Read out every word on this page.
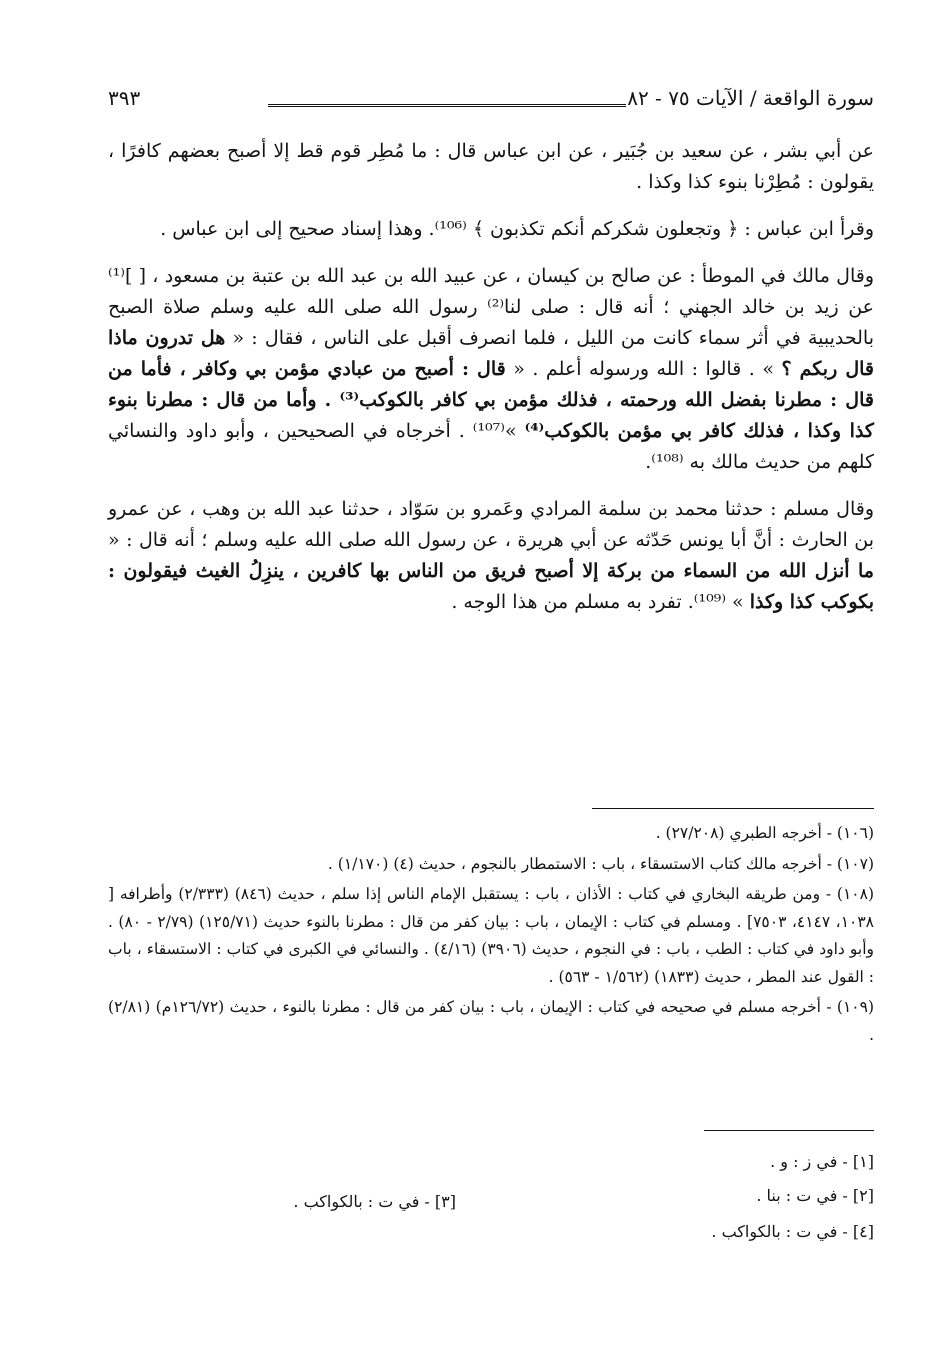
سورة الواقعة / الآيات ٧٥ - ٨٢
٣٩٣

عن أبي بشر ، عن سعيد بن جُبَير ، عن ابن عباس قال : ما مُطِر قوم قط إلا أصبح بعضهم كافرًا ، يقولون : مُطِرْنا بنوء كذا وكذا .

وقرأ ابن عباس : ﴿ وتجعلون شكركم أنكم تكذبون ﴾ ⁽¹⁰⁶⁾. وهذا إسناد صحيح إلى ابن عباس .

وقال مالك في الموطأ : عن صالح بن كيسان ، عن عبيد الله بن عبد الله بن عتبة بن مسعود ، [ ]⁽¹⁾ عن زيد بن خالد الجهني ؛ أنه قال : صلى لنا⁽²⁾ رسول الله صلى الله عليه وسلم صلاة الصبح بالحديبية في أثر سماء كانت من الليل ، فلما انصرف أقبل على الناس ، فقال : « هل تدرون ماذا قال ربكم ؟ » . قالوا : الله ورسوله أعلم . « قال : أصبح من عبادي مؤمن بي وكافر ، فأما من قال : مطرنا بفضل الله ورحمته ، فذلك مؤمن بي كافر بالكوكب⁽³⁾ . وأما من قال : مطرنا بنوء كذا وكذا ، فذلك كافر بي مؤمن بالكوكب⁽⁴⁾ »⁽¹⁰⁷⁾ . أخرجاه في الصحيحين ، وأبو داود والنسائي كلهم من حديث مالك به ⁽¹⁰⁸⁾.

وقال مسلم : حدثنا محمد بن سلمة المرادي وعَمرو بن سَوّاد ، حدثنا عبد الله بن وهب ، عن عمرو بن الحارث : أنَّ أبا يونس حَدّثه عن أبي هريرة ، عن رسول الله صلى الله عليه وسلم ؛ أنه قال : « ما أنزل الله من السماء من بركة إلا أصبح فريق من الناس بها كافرين ، ينزِلُ الغيث فيقولون : بكوكب كذا وكذا » ⁽¹⁰⁹⁾. تفرد به مسلم من هذا الوجه .

(١٠٦) - أخرجه الطبري (٢٧/٢٠٨) .

(١٠٧) - أخرجه مالك كتاب الاستسقاء ، باب : الاستمطار بالنجوم ، حديث (٤) (١/١٧٠) .

(١٠٨) - ومن طريقه البخاري في كتاب : الأذان ، باب : يستقبل الإمام الناس إذا سلم ، حديث (٨٤٦) (٢/٣٣٣) وأطرافه [ ١٠٣٨، ٤١٤٧، ٧٥٠٣] . ومسلم في كتاب : الإيمان ، باب : بيان كفر من قال : مطرنا بالنوء حديث (١٢٥/٧١) (٢/٧٩ - ٨٠) . وأبو داود في كتاب : الطب ، باب : في النجوم ، حديث (٣٩٠٦) (٤/١٦) . والنسائي في الكبرى في كتاب : الاستسقاء ، باب : القول عند المطر ، حديث (١٨٣٣) (١/٥٦٢ - ٥٦٣) .

(١٠٩) - أخرجه مسلم في صحيحه في كتاب : الإيمان ، باب : بيان كفر من قال : مطرنا بالنوء ، حديث (١٢٦/٧٢م) (٢/٨١) .

[١] - في ز : و .
[٢] - في ت : بنا .
[٣] - في ت : بالكواكب .
[٤] - في ت : بالكواكب .
